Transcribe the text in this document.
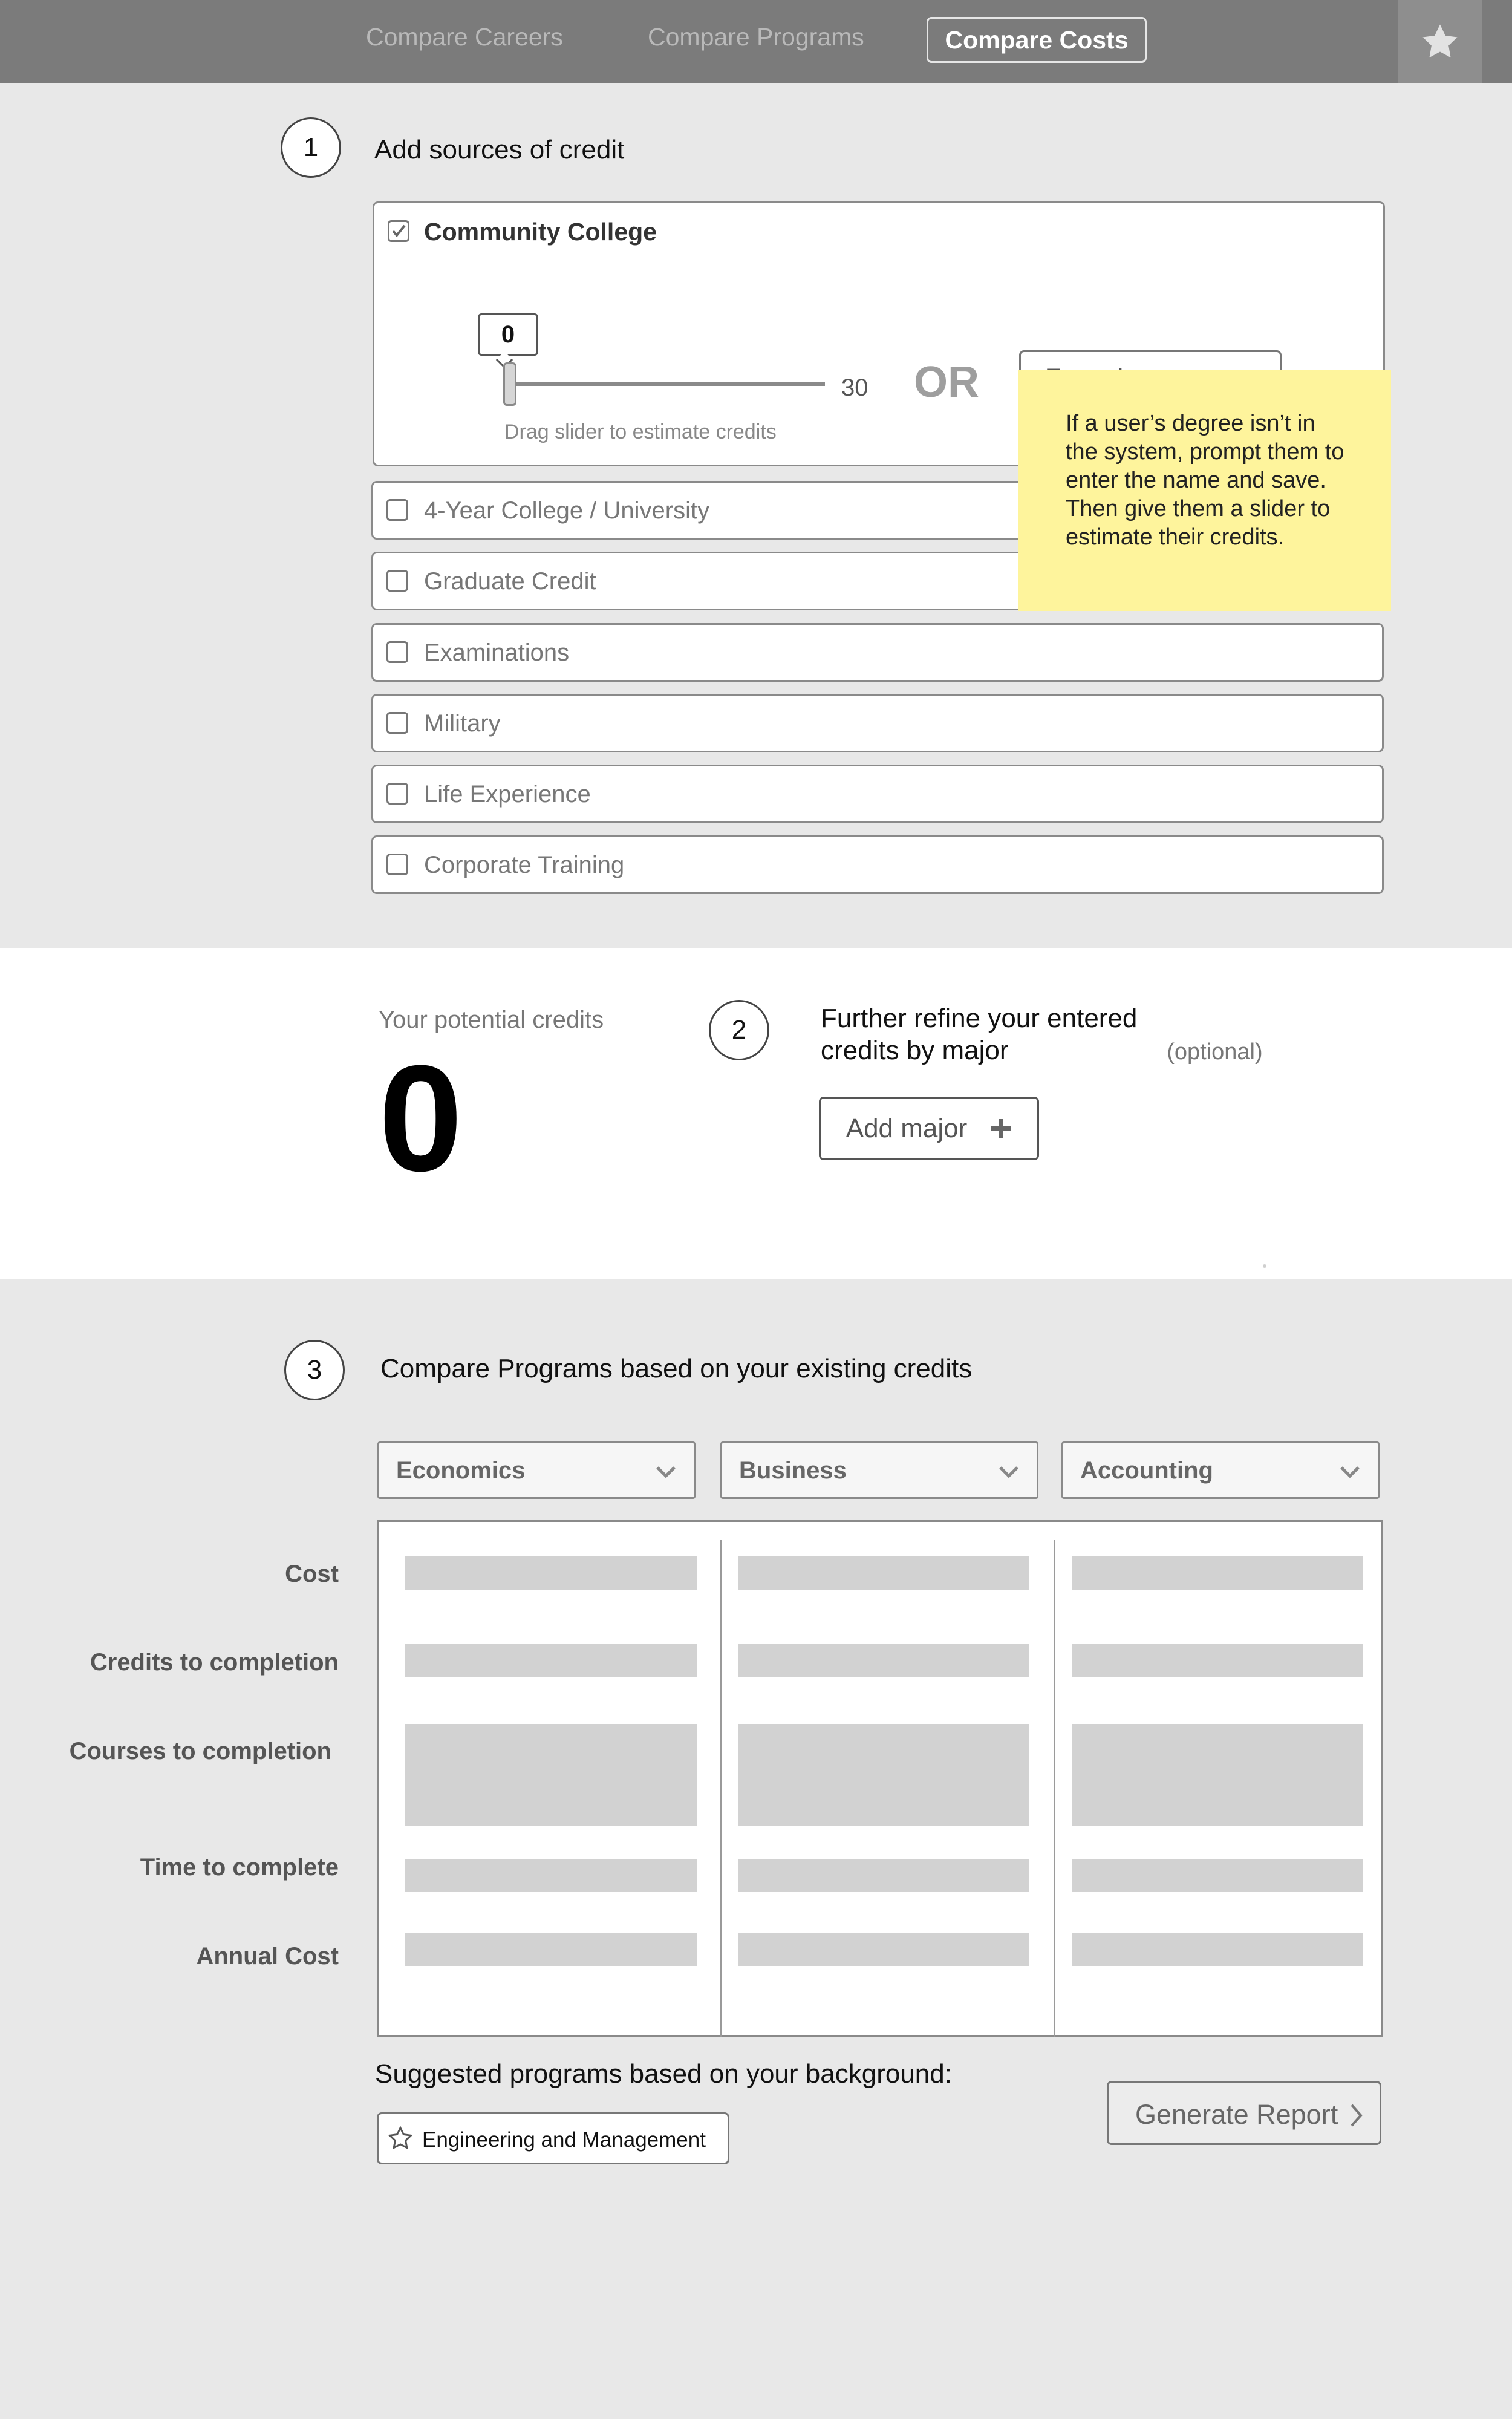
Compare Careers	Compare Programs	Compare Costs
1	Add sources of credit
Community College
0
30
Drag slider to estimate credits
OR
4-Year College / University
Graduate Credit
Examinations
Military
Life Experience
Corporate Training
If a user’s degree isn’t in the system, prompt them to enter the name and save. Then give them a slider to estimate their credits.
Your potential credits
0
2	Further refine your entered credits by major	(optional)
Add major
3	Compare Programs based on your existing credits
Economics	Business	Accounting
Cost
Credits to completion
Courses to completion
Time to complete
Annual Cost
Suggested programs based on your background:
Engineering and Management
Generate Report
